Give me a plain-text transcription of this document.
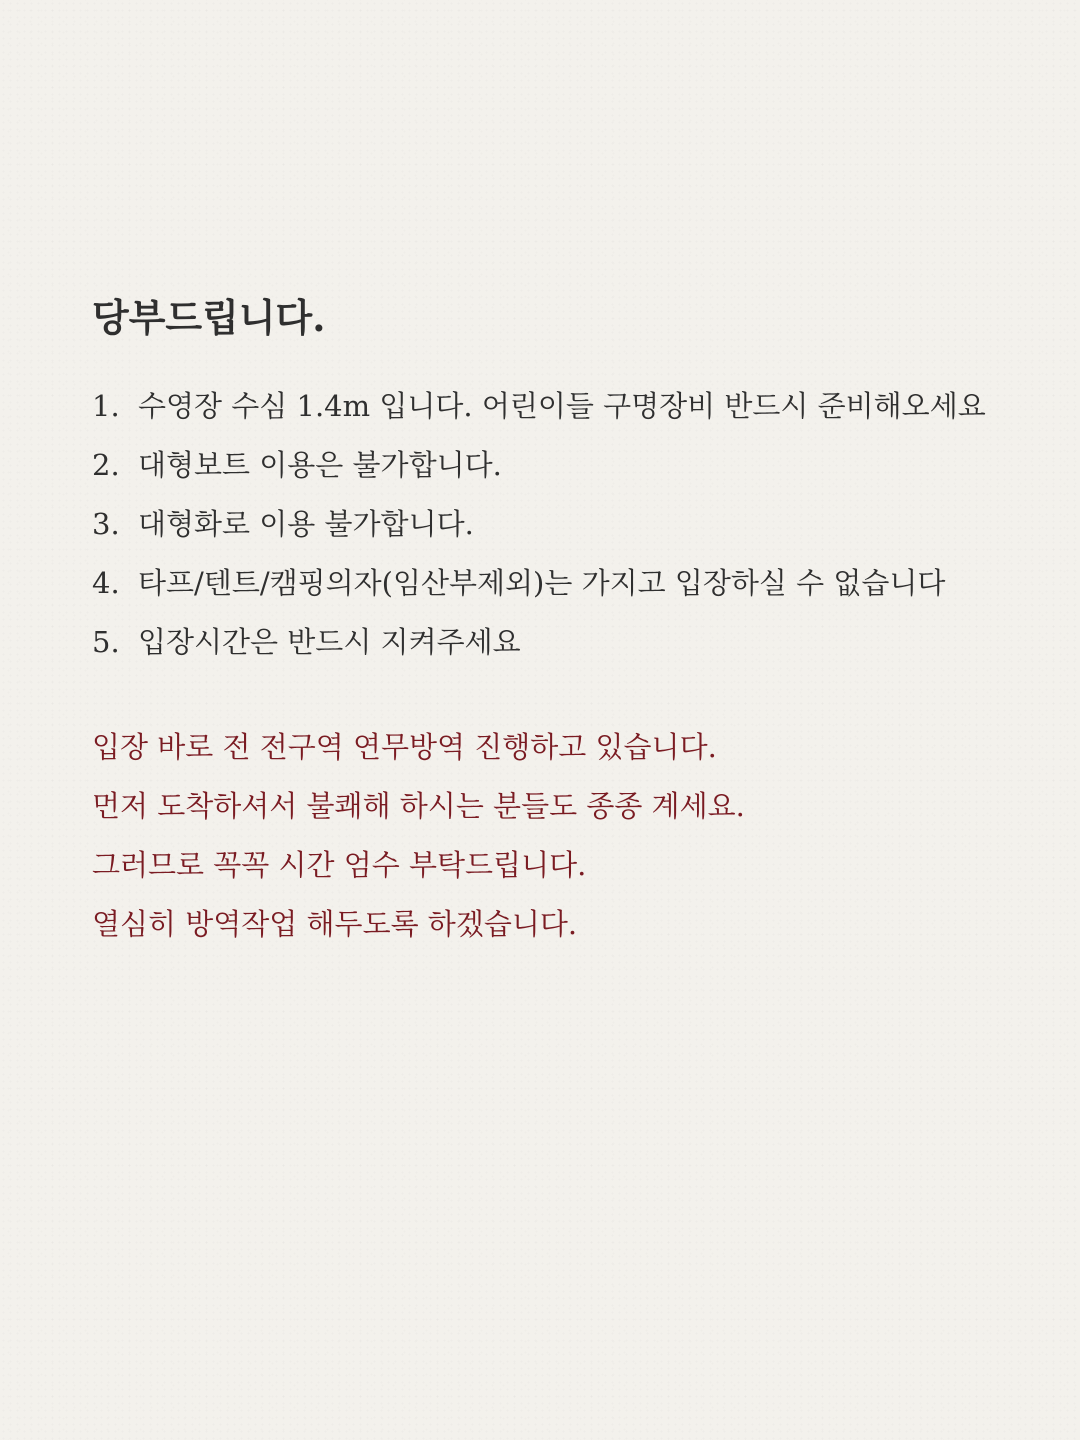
당부드립니다.
1. 수영장 수심 1.4m 입니다. 어린이들 구명장비 반드시 준비해오세요
2. 대형보트 이용은 불가합니다.
3. 대형화로 이용 불가합니다.
4. 타프/텐트/캠핑의자(임산부제외)는 가지고 입장하실 수 없습니다
5. 입장시간은 반드시 지켜주세요
입장 바로 전 전구역 연무방역 진행하고 있습니다.
먼저 도착하셔서 불쾌해 하시는 분들도 종종 계세요.
그러므로 꼭꼭 시간 엄수 부탁드립니다.
열심히 방역작업 해두도록 하겠습니다.
